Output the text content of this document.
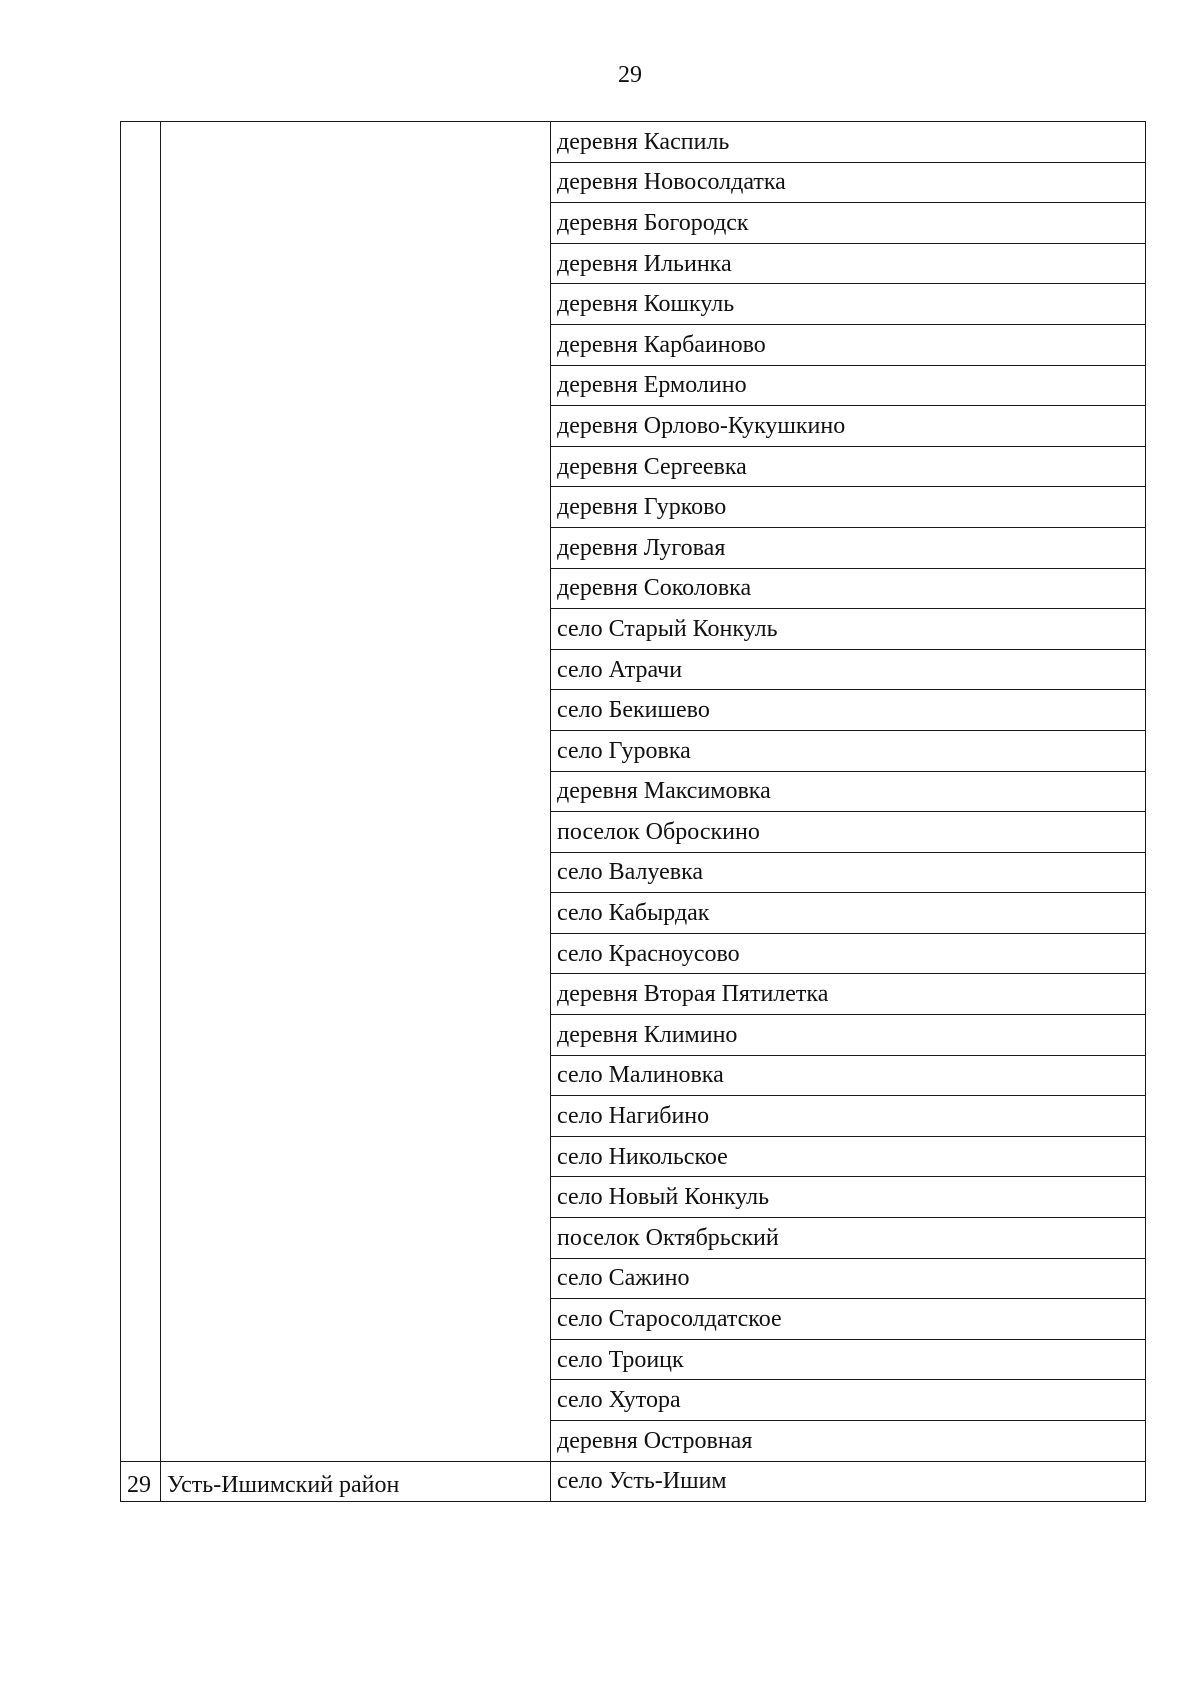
29
		деревня Каспиль
		деревня Новосолдатка
		деревня Богородск
		деревня Ильинка
		деревня Кошкуль
		деревня Карбаиново
		деревня Ермолино
		деревня Орлово-Кукушкино
		деревня Сергеевка
		деревня Гурково
		деревня Луговая
		деревня Соколовка
		село Старый Конкуль
		село Атрачи
		село Бекишево
		село Гуровка
		деревня Максимовка
		поселок Оброскино
		село Валуевка
		село Кабырдак
		село Красноусово
		деревня Вторая Пятилетка
		деревня Климино
		село Малиновка
		село Нагибино
		село Никольское
		село Новый Конкуль
		поселок Октябрьский
		село Сажино
		село Старосолдатское
		село Троицк
		село Хутора
		деревня Островная
29	Усть-Ишимский район	село Усть-Ишим
